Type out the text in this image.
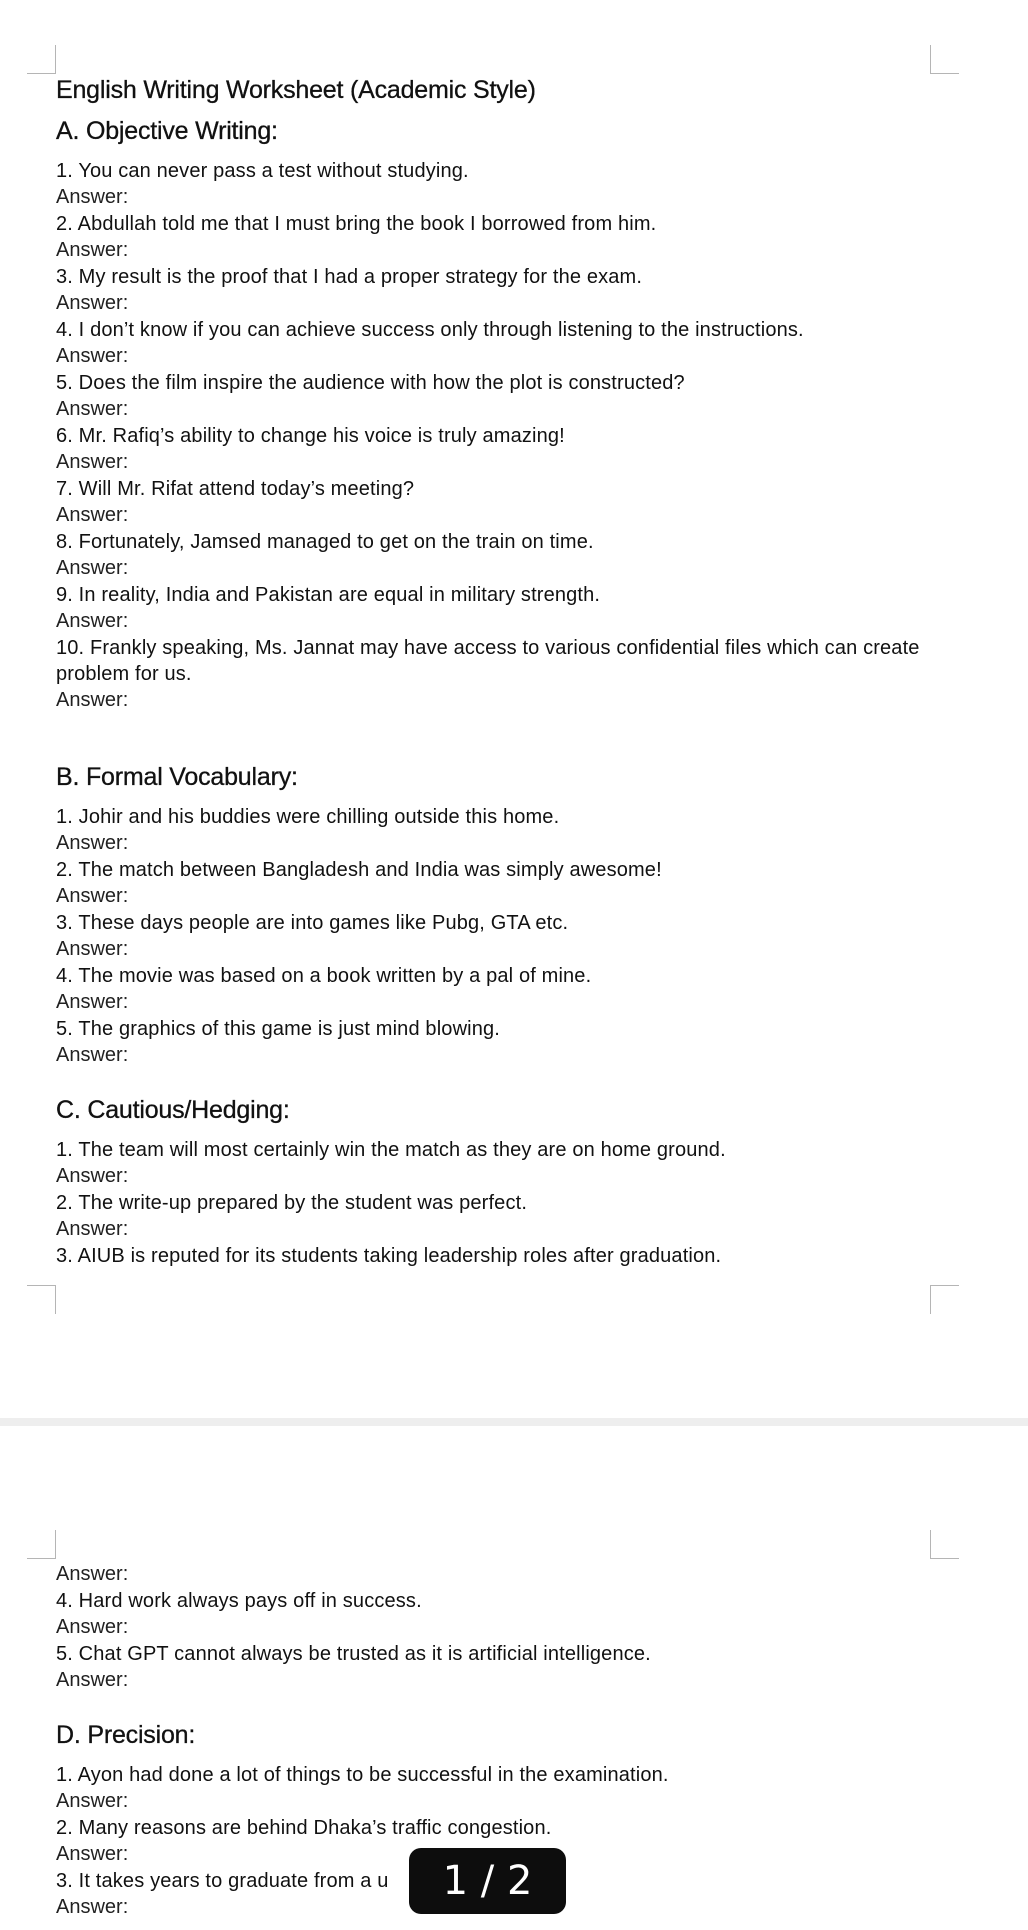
English Writing Worksheet (Academic Style)
A. Objective Writing:

1. You can never pass a test without studying.

Answer:

2. Abdullah told me that I must bring the book I borrowed from him.

Answer:

3. My result is the proof that I had a proper strategy for the exam.

Answer:

4. I don’t know if you can achieve success only through listening to the instructions.

Answer:

5. Does the film inspire the audience with how the plot is constructed?

Answer:

6. Mr. Rafiq’s ability to change his voice is truly amazing!

Answer:

7. Will Mr. Rifat attend today’s meeting?

Answer:

8. Fortunately, Jamsed managed to get on the train on time.

Answer:

9. In reality, India and Pakistan are equal in military strength.

Answer:

10. Frankly speaking, Ms. Jannat may have access to various confidential files which can create problem for us.

Answer:

B. Formal Vocabulary:

1. Johir and his buddies were chilling outside this home.

Answer:

2. The match between Bangladesh and India was simply awesome!

Answer:

3. These days people are into games like Pubg, GTA etc.

Answer:

4. The movie was based on a book written by a pal of mine.

Answer:

5. The graphics of this game is just mind blowing.

Answer:

C. Cautious/Hedging:

1. The team will most certainly win the match as they are on home ground.

Answer:

2. The write-up prepared by the student was perfect.

Answer:

3. AIUB is reputed for its students taking leadership roles after graduation.

Answer:

4. Hard work always pays off in success.

Answer:

5. Chat GPT cannot always be trusted as it is artificial intelligence.

Answer:

D. Precision:

1. Ayon had done a lot of things to be successful in the examination.

Answer:

2. Many reasons are behind Dhaka’s traffic congestion.

Answer:

3. It takes years to graduate from a u

Answer:

1 / 2
